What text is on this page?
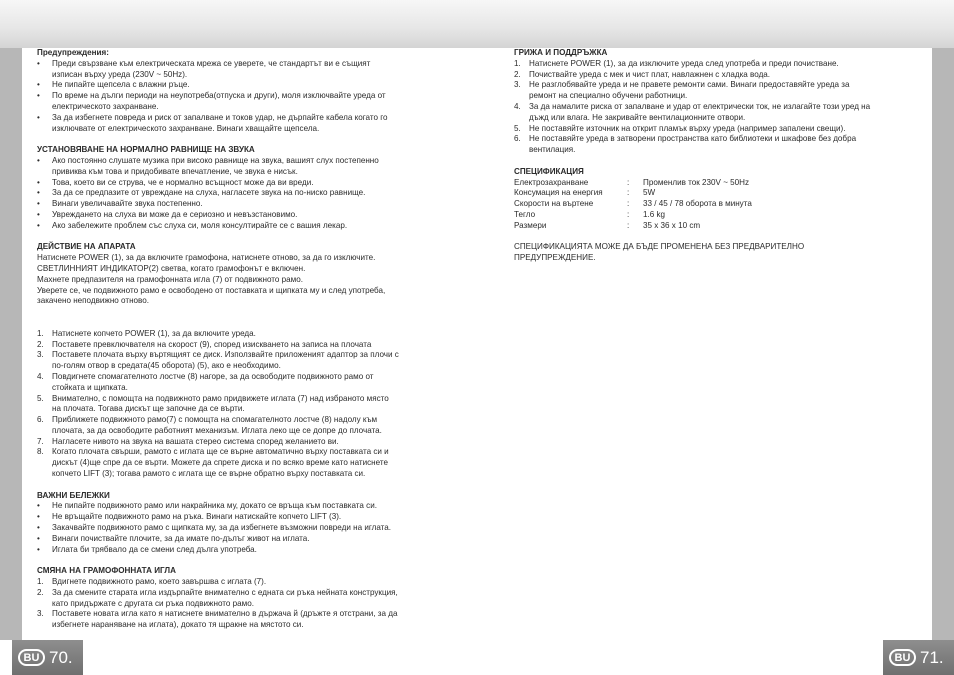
Предупреждения:
• Преди свързване към електрическата мрежа се уверете, че стандартът ви е същият
изписан върху уреда (230V ~ 50Hz).
• Не пипайте щепсела с влажни ръце.
• По време на дълги периоди на неупотреба(отпуска и други), моля изключвайте уреда от
електрическото захранване.
• За да избегнете повреда и риск от запалване и токов удар, не дърпайте кабела когато го
изключвате от електрическото захранване. Винаги хващайте щепсела.
УСТАНОВЯВАНЕ НА НОРМАЛНО РАВНИЩЕ НА ЗВУКА
• Ако постоянно слушате музика при високо равнище на звука, вашият слух постепенно
привиква към това и придобивате впечатление, че звука е нисък.
• Това, което ви се струва, че е нормално всъщност може да ви вреди.
• За да се предпазите от увреждане на слуха, нагласете звука на по-ниско равнище.
• Винаги увеличавайте звука постепенно.
• Увреждането на слуха ви може да е сериозно и невъзстановимо.
• Ако забележите проблем със слуха си, моля консултирайте се с вашия лекар.
ДЕЙСТВИЕ НА АПАРАТА
Натиснете POWER (1), за да включите грамофона, натиснете отново, за да го изключите.
СВЕТЛИННИЯТ ИНДИКАТОР(2) светва, когато грамофонът е включен.
Махнете предпазителя на грамофонната игла (7) от подвижното рамо.
Уверете се, че подвижното рамо е освободено от поставката и щипката му и след употреба,
закачено неподвижно отново.
1. Натиснете копчето POWER (1), за да включите уреда.
2. Поставете превключвателя на скорост (9), според изискването на записа на плочата
3. Поставете плочата върху въртящият се диск. Използвайте приложеният адаптор за плочи с
по-голям отвор в средата(45 оборота) (5), ако е необходимо.
4. Повдигнете спомагателното лостче (8) нагоре, за да освободите подвижното рамо от
стойката и щипката.
5. Внимателно, с помощта на подвижното рамо придвижете иглата (7) над избраното място
на плочата. Тогава дискът ще започне да се върти.
6. Приближете подвижното рамо(7) с помощта на спомагателното лостче (8) надолу към
плочата, за да освободите работният механизъм. Иглата леко ще се допре до плочата.
7. Нагласете нивото на звука на вашата стерео система според желанието ви.
8. Когато плочата свърши, рамото с иглата ще се върне автоматично върху поставката си и
дискът (4)ще спре да се върти. Можете да спрете диска и по всяко време като натиснете
копчето LIFT (3); тогава рамото с иглата ще се върне обратно върху поставката си.
ВАЖНИ БЕЛЕЖКИ
• Не пипайте подвижното рамо или накрайника му, докато се връща към поставката си.
• Не връщайте подвижното рамо на ръка. Винаги натискайте копчето LIFT (3).
• Закачвайте подвижното рамо с щипката му, за да избегнете възможни повреди на иглата.
• Винаги почиствайте плочите, за да имате по-дълъг живот на иглата.
• Иглата би трябвало да се смени след дълга употреба.
СМЯНА НА ГРАМОФОННАТА ИГЛА
1. Вдигнете подвижното рамо, което завършва с иглата (7).
2. За да смените старата игла издърпайте внимателно с едната си ръка нейната конструкция,
като придържате с другата си ръка подвижното рамо.
3. Поставете новата игла като я натиснете внимателно в държача й (дръжте я отстрани, за да
избегнете нараняване на иглата), докато тя щракне на мястото си.
ГРИЖА И ПОДДРЪЖКА
1. Натиснете POWER (1), за да изключите уреда след употреба и преди почистване.
2. Почиствайте уреда с мек и чист плат, навлажнен с хладка вода.
3. Не разглобявайте уреда и не правете ремонти сами. Винаги предоставяйте уреда за
ремонт на специално обучени работници.
4. За да намалите риска от запалване и удар от електрически ток, не излагайте този уред на
дъжд или влага. Не закривайте вентилационните отвори.
5. Не поставяйте източник на открит пламък върху уреда (например запалени свещи).
6. Не поставяйте уреда в затворени пространства като библиотеки и шкафове без добра
вентилация.
СПЕЦИФИКАЦИЯ
Електрозахранване	:	Променлив ток 230V ~ 50Hz
Консумация на енергия	:	5W
Скорости на въртене	:	33 / 45 / 78 оборота в минута
Тегло	:	1.6 kg
Размери	:	35 x 36 x 10 cm
СПЕЦИФИКАЦИЯТА МОЖЕ ДА БЪДЕ ПРОМЕНЕНА БЕЗ ПРЕДВАРИТЕЛНО
ПРЕДУПРЕЖДЕНИЕ.
BU 70.	BU 71.
